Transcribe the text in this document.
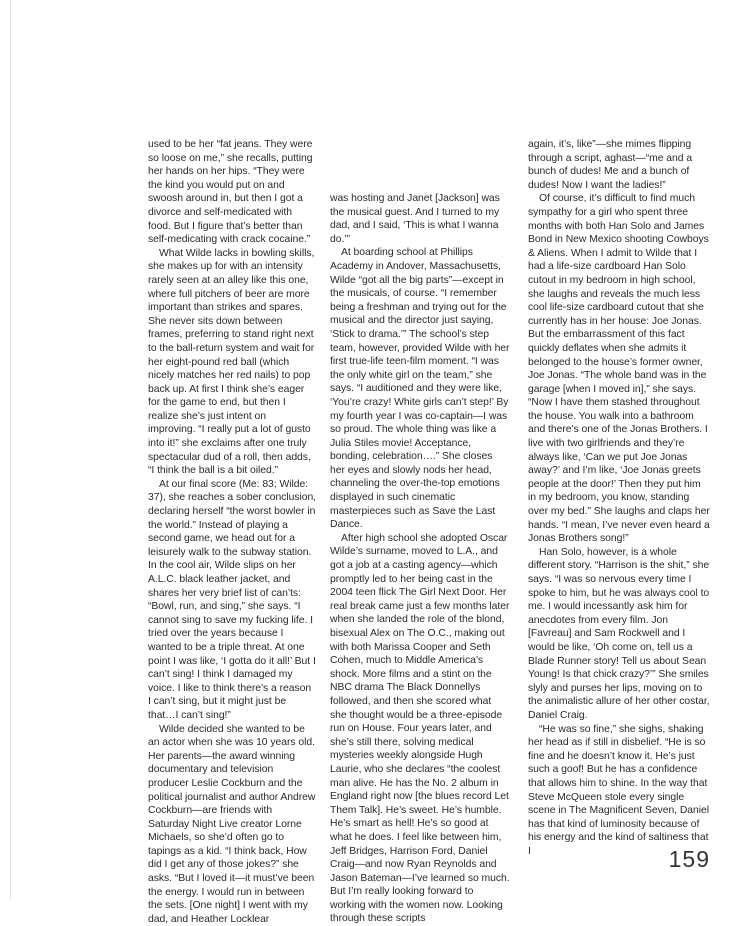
used to be her “fat jeans. They were so loose on me,” she recalls, putting her hands on her hips. “They were the kind you would put on and swoosh around in, but then I got a divorce and self-medicated with food. But I figure that’s better than self-medicating with crack cocaine.”

What Wilde lacks in bowling skills, she makes up for with an intensity rarely seen at an alley like this one, where full pitchers of beer are more important than strikes and spares. She never sits down between frames, preferring to stand right next to the ball-return system and wait for her eight-pound red ball (which nicely matches her red nails) to pop back up. At first I think she’s eager for the game to end, but then I realize she’s just intent on improving. “I really put a lot of gusto into it!” she exclaims after one truly spectacular dud of a roll, then adds, “I think the ball is a bit oiled.”

At our final score (Me: 83; Wilde: 37), she reaches a sober conclusion, declaring herself “the worst bowler in the world.” Instead of playing a second game, we head out for a leisurely walk to the subway station. In the cool air, Wilde slips on her A.L.C. black leather jacket, and shares her very brief list of can’ts: “Bowl, run, and sing,” she says. “I cannot sing to save my fucking life. I tried over the years because I wanted to be a triple threat. At one point I was like, ‘I gotta do it all!’ But I can’t sing! I think I damaged my voice. I like to think there’s a reason I can’t sing, but it might just be that…I can’t sing!”

Wilde decided she wanted to be an actor when she was 10 years old. Her parents—the award winning documentary and television producer Leslie Cockburn and the political journalist and author Andrew Cockburn—are friends with Saturday Night Live creator Lorne Michaels, so she’d often go to tapings as a kid. “I think back, How did I get any of those jokes?” she asks. “But I loved it—it must’ve been the energy. I would run in between the sets. [One night] I went with my dad, and Heather Locklear

was hosting and Janet [Jackson] was the musical guest. And I turned to my dad, and I said, ‘This is what I wanna do.’”

At boarding school at Phillips Academy in Andover, Massachusetts, Wilde “got all the big parts”—except in the musicals, of course. “I remember being a freshman and trying out for the musical and the director just saying, ‘Stick to drama.’” The school’s step team, however, provided Wilde with her first true-life teen-film moment. “I was the only white girl on the team,” she says. “I auditioned and they were like, ‘You’re crazy! White girls can’t step!’ By my fourth year I was co-captain—I was so proud. The whole thing was like a Julia Stiles movie! Acceptance, bonding, celebration….” She closes her eyes and slowly nods her head, channeling the over-the-top emotions displayed in such cinematic masterpieces such as Save the Last Dance.

After high school she adopted Oscar Wilde’s surname, moved to L.A., and got a job at a casting agency—which promptly led to her being cast in the 2004 teen flick The Girl Next Door. Her real break came just a few months later when she landed the role of the blond, bisexual Alex on The O.C., making out with both Marissa Cooper and Seth Cohen, much to Middle America’s shock. More films and a stint on the NBC drama The Black Donnellys followed, and then she scored what she thought would be a three-episode run on House. Four years later, and she’s still there, solving medical mysteries weekly alongside Hugh Laurie, who she declares “the coolest man alive. He has the No. 2 album in England right now [the blues record Let Them Talk]. He’s sweet. He’s humble. He’s smart as hell! He’s so good at what he does. I feel like between him, Jeff Bridges, Harrison Ford, Daniel Craig—and now Ryan Reynolds and Jason Bateman—I’ve learned so much. But I’m really looking forward to working with the women now. Looking through these scripts

again, it’s, like”—she mimes flipping through a script, aghast—“me and a bunch of dudes! Me and a bunch of dudes! Now I want the ladies!”

Of course, it’s difficult to find much sympathy for a girl who spent three months with both Han Solo and James Bond in New Mexico shooting Cowboys & Aliens. When I admit to Wilde that I had a life-size cardboard Han Solo cutout in my bedroom in high school, she laughs and reveals the much less cool life-size cardboard cutout that she currently has in her house: Joe Jonas. But the embarrassment of this fact quickly deflates when she admits it belonged to the house’s former owner, Joe Jonas. “The whole band was in the garage [when I moved in],” she says. “Now I have them stashed throughout the house. You walk into a bathroom and there’s one of the Jonas Brothers. I live with two girlfriends and they’re always like, ‘Can we put Joe Jonas away?’ and I’m like, ‘Joe Jonas greets people at the door!’ Then they put him in my bedroom, you know, standing over my bed.” She laughs and claps her hands. “I mean, I’ve never even heard a Jonas Brothers song!”

Han Solo, however, is a whole different story. “Harrison is the shit,” she says. “I was so nervous every time I spoke to him, but he was always cool to me. I would incessantly ask him for anecdotes from every film. Jon [Favreau] and Sam Rockwell and I would be like, ‘Oh come on, tell us a Blade Runner story! Tell us about Sean Young! Is that chick crazy?’” She smiles slyly and purses her lips, moving on to the animalistic allure of her other costar, Daniel Craig.

“He was so fine,” she sighs, shaking her head as if still in disbelief. “He is so fine and he doesn’t know it. He’s just such a goof! But he has a confidence that allows him to shine. In the way that Steve McQueen stole every single scene in The Magnificent Seven, Daniel has that kind of luminosity because of his energy and the kind of saltiness that I	159
